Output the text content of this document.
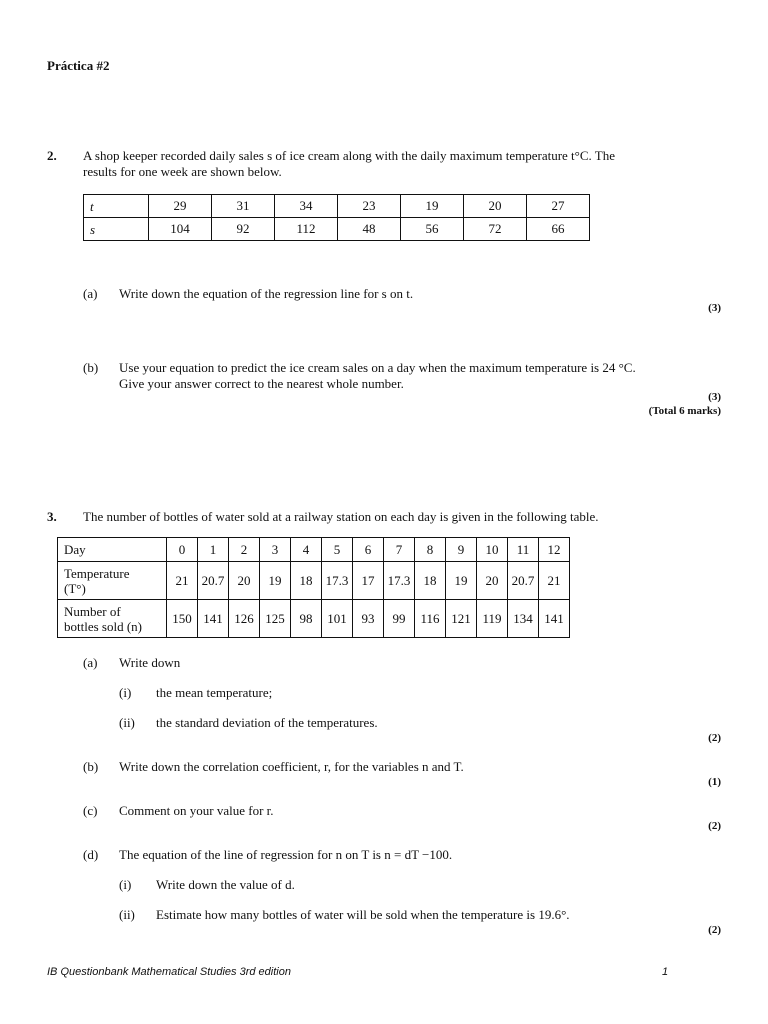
Práctica #2
2. A shop keeper recorded daily sales s of ice cream along with the daily maximum temperature t°C. The
results for one week are shown below.
t	29	31	34	23	19	20	27
s	104	92	112	48	56	72	66
(a) Write down the equation of the regression line for s on t.
(3)
(b) Use your equation to predict the ice cream sales on a day when the maximum temperature is 24 °C.
Give your answer correct to the nearest whole number.
(3)
(Total 6 marks)
3. The number of bottles of water sold at a railway station on each day is given in the following table.
Day	0	1	2	3	4	5	6	7	8	9	10	11	12

Temperature
(T°)	21	20.7	20	19	18	17.3	17	17.3	18	19	20	20.7	21

Number of
bottles sold (n)	150	141	126	125	98	101	93	99	116	121	119	134	141
(a) Write down
(i) the mean temperature;
(ii) the standard deviation of the temperatures.
(2)
(b) Write down the correlation coefficient, r, for the variables n and T.
(1)
(c) Comment on your value for r.
(2)
(d) The equation of the line of regression for n on T is n = dT −100.
(i) Write down the value of d.
(ii) Estimate how many bottles of water will be sold when the temperature is 19.6°.
(2)
IB Questionbank Mathematical Studies 3rd edition	1
